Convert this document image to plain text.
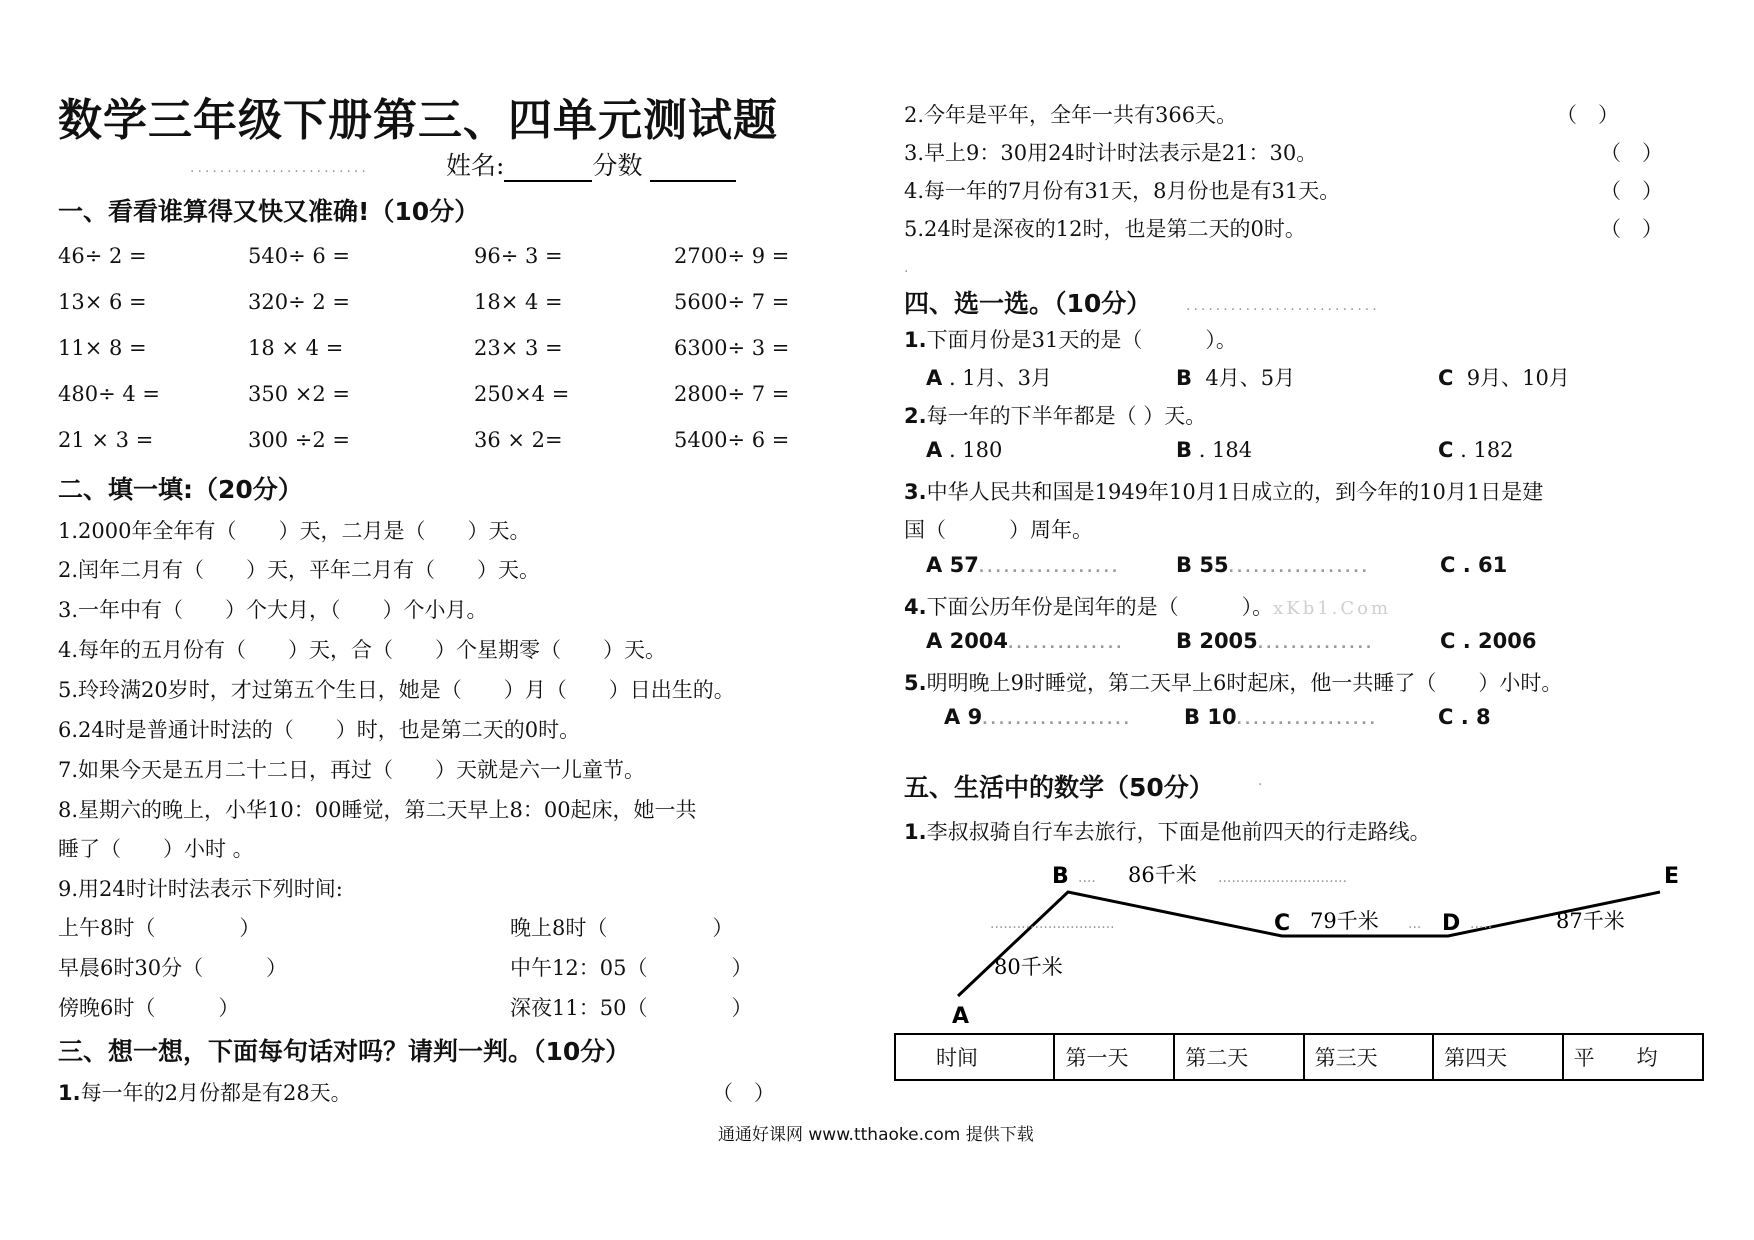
数学三年级下册第三、四单元测试题
........................	姓名:	分数
一、看看谁算得又快又准确!（10分）
46÷ 2 =	540÷ 6 =	96÷ 3 =	2700÷ 9 =
13× 6 =	320÷ 2 =	18× 4 =	5600÷ 7 =
11× 8 =	18 × 4 =	23× 3 =	6300÷ 3 =
480÷ 4 =	350 ×2 =	250×4 =	2800÷ 7 =
21 × 3 =	300 ÷2 =	36 × 2=	5400÷ 6 =
二、填一填:（20分）
1.2000年全年有（　　）天，二月是（　　）天。
2.闰年二月有（　　）天，平年二月有（　　）天。
3.一年中有（　　）个大月，（　　）个小月。
4.每年的五月份有（　　）天，合（　　）个星期零（　　）天。
5.玲玲满20岁时，才过第五个生日，她是（　　）月（　　）日出生的。
6.24时是普通计时法的（　　）时，也是第二天的0时。
7.如果今天是五月二十二日，再过（　　）天就是六一儿童节。
8.星期六的晚上，小华10：00睡觉，第二天早上8：00起床，她一共
睡了（　　）小时 。
9.用24时计时法表示下列时间:
上午8时（　　　　）	晚上8时（　　　　　）
早晨6时30分（　　　）	中午12：05（　　　　）
傍晚6时（　　　）	深夜11：50（　　　　）
三、想一想，下面每句话对吗？请判一判。（10分）
1.每一年的2月份都是有28天。	（　）
2.今年是平年，全年一共有366天。	（　）
3.早上9：30用24时计时法表示是21：30。	（　）
4.每一年的7月份有31天，8月份也是有31天。	（　）
5.24时是深夜的12时，也是第二天的0时。	（　）
四、选一选。（10分） ..........................
1.下面月份是31天的是（　　　）。
A . 1月、3月	B 4月、5月	C 9月、10月
2.每一年的下半年都是（ ）天。
A . 180	B . 184	C . 182
3.中华人民共和国是1949年10月1日成立的，到今年的10月1日是建
国（　　　）周年。
A 57.................	B 55.................	C . 61
4.下面公历年份是闰年的是（　　　）。xKb1.Com
A 2004.............. B 2005..............	C . 2006
5.明明晚上9时睡觉，第二天早上6时起床，他一共睡了（　　）小时。
A 9.................. B 10.................	C . 8
五、生活中的数学（50分）
1.李叔叔骑自行车去旅行，下面是他前四天的行走路线。
A
B
C	D
E
80千米
86千米
79千米	87千米
....	.............................
............................	...	.....
.
.
时间	第一天	第二天	第三天	第四天	平　　均
通通好课网 www.tthaoke.com 提供下载
